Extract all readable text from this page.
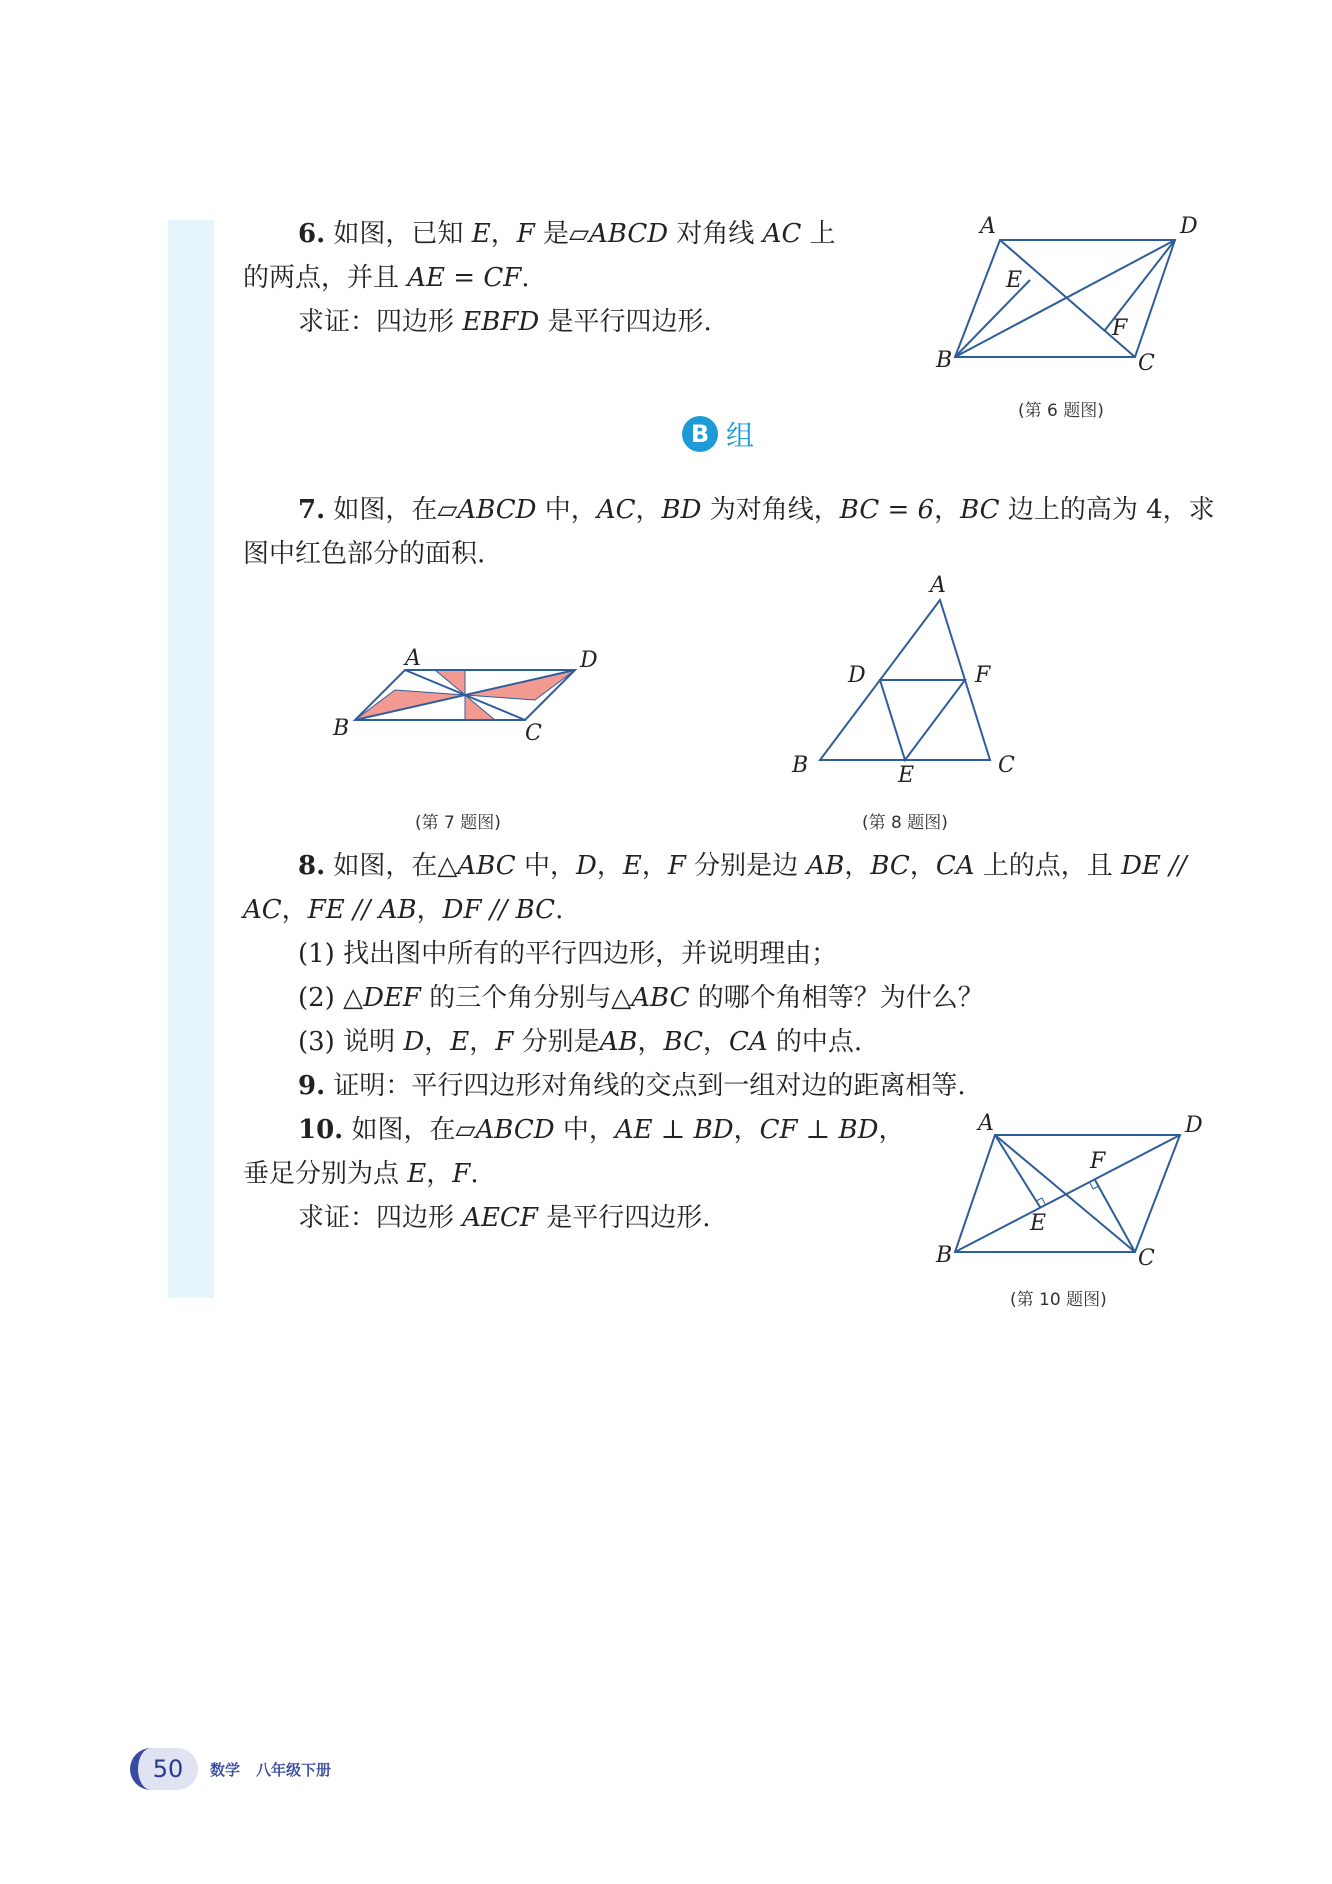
6. 如图，已知 E，F 是▱ABCD 对角线 AC 上
的两点，并且 AE = CF.
求证：四边形 EBFD 是平行四边形.
A	D
E
F
B	C
(第 6 题图)
B 组
7. 如图，在▱ABCD 中，AC，BD 为对角线，BC = 6，BC 边上的高为 4，求
图中红色部分的面积.
A	D
B	C
(第 7 题图)
A
D	F
B	E	C
(第 8 题图)
8. 如图，在△ABC 中，D，E，F 分别是边 AB，BC，CA 上的点，且 DE //
AC，FE // AB，DF // BC.
(1) 找出图中所有的平行四边形，并说明理由；
(2) △DEF 的三个角分别与△ABC 的哪个角相等？为什么？
(3) 说明 D，E，F 分别是AB，BC，CA 的中点.
9. 证明：平行四边形对角线的交点到一组对边的距离相等.
10. 如图，在▱ABCD 中，AE ⊥ BD，CF ⊥ BD，
垂足分别为点 E，F.
求证：四边形 AECF 是平行四边形.
A	D
F
E
B	C
(第 10 题图)
50	数学 八年级下册
